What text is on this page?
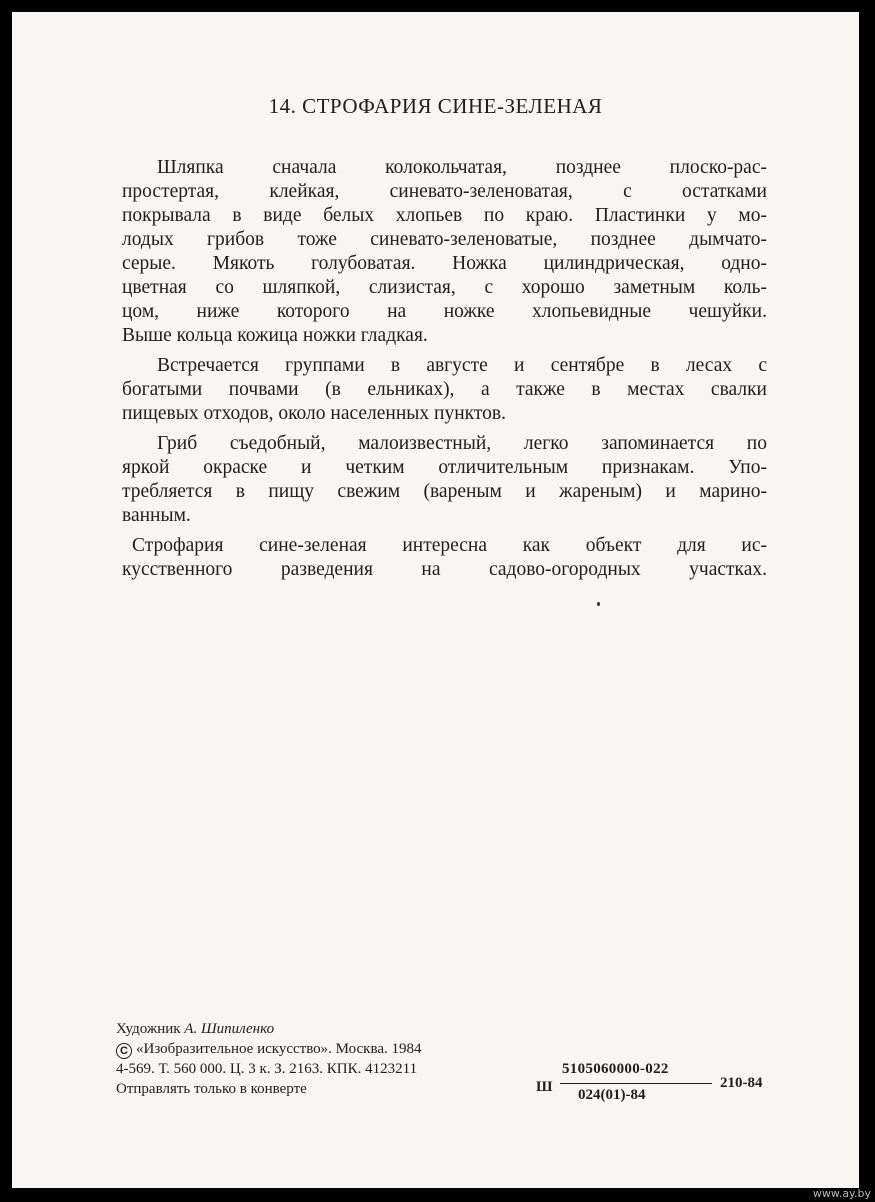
14. СТРОФАРИЯ СИНЕ-ЗЕЛЕНАЯ
Шляпка сначала колокольчатая, позднее плоско-рас-
простертая, клейкая, синевато-зеленоватая, с остатками
покрывала в виде белых хлопьев по краю. Пластинки у мо-
лодых грибов тоже синевато-зеленоватые, позднее дымчато-
серые. Мякоть голубоватая. Ножка цилиндрическая, одно-
цветная со шляпкой, слизистая, с хорошо заметным коль-
цом, ниже которого на ножке хлопьевидные чешуйки.
Выше кольца кожица ножки гладкая.
Встречается группами в августе и сентябре в лесах с
богатыми почвами (в ельниках), а также в местах свалки
пищевых отходов, около населенных пунктов.
Гриб съедобный, малоизвестный, легко запоминается по
яркой окраске и четким отличительным признакам. Упо-
требляется в пищу свежим (вареным и жареным) и марино-
ванным.
Строфария сине-зеленая интересна как объект для ис-
кусственного разведения на садово-огородных участках.
Художник А. Шипиленко
C «Изобразительное искусство». Москва. 1984
4-569. Т. 560 000. Ц. 3 к. З. 2163. КПК. 4123211
Отправлять только в конверте	Ш
5105060000-022
024(01)-84
210-84
www.ay.by
